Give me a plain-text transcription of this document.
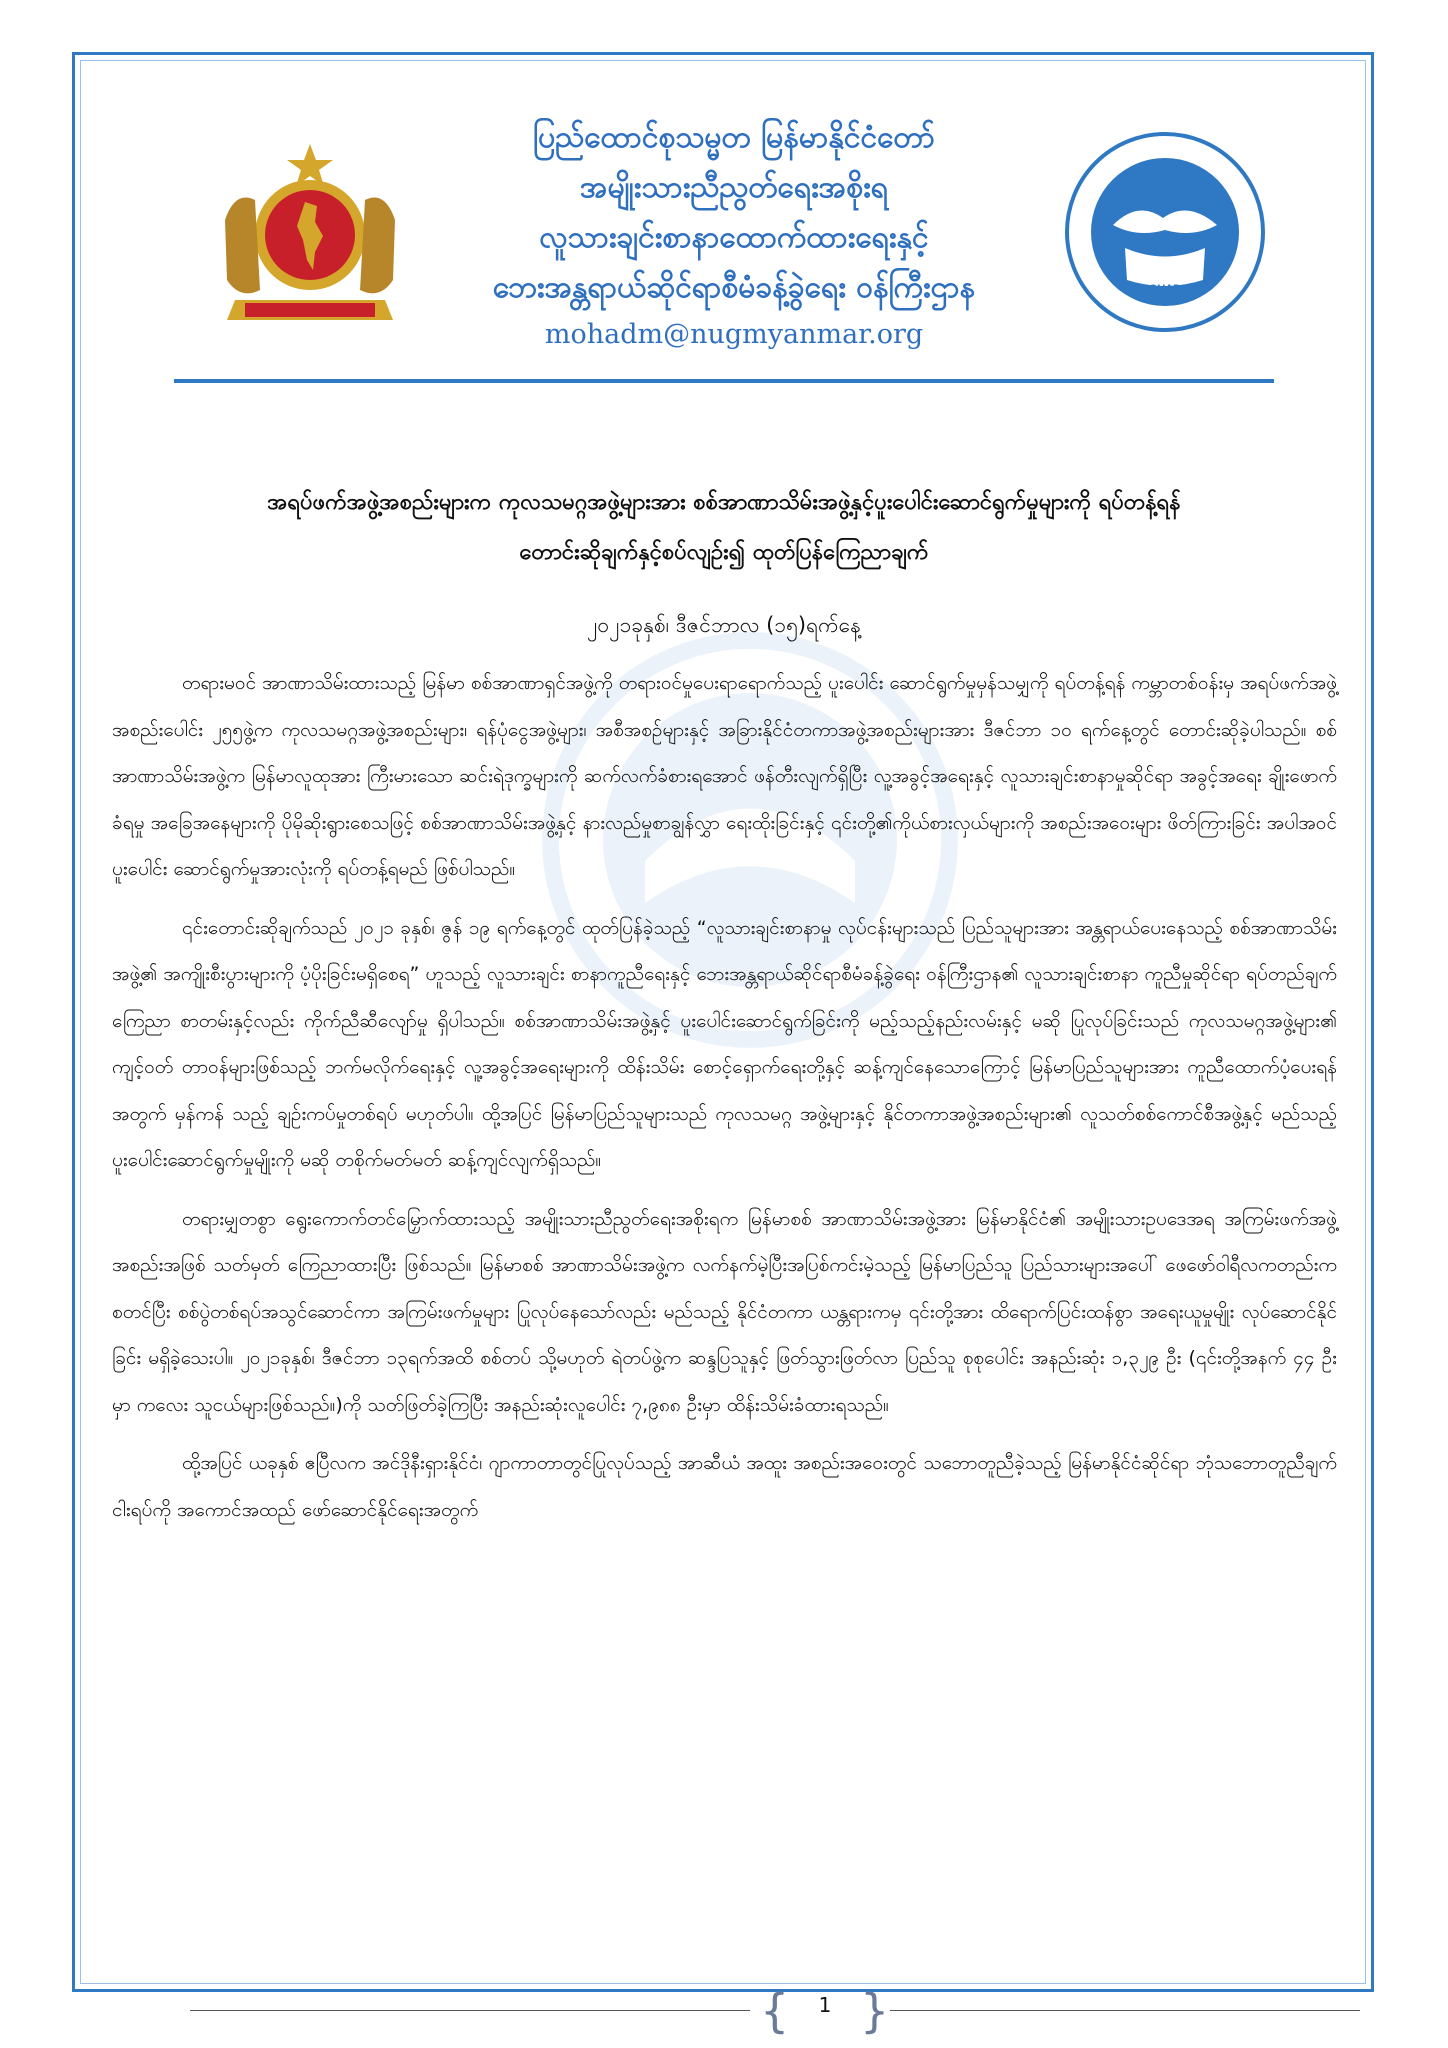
ပြည်ထောင်စုသမ္မတ မြန်မာနိုင်ငံတော်
အမျိုးသားညီညွတ်ရေးအစိုးရ
လူသားချင်းစာနာထောက်ထားရေးနှင့်
ဘေးအန္တရာယ်ဆိုင်ရာစီမံခန့်ခွဲရေး ဝန်ကြီးဌာန
mohadm@nugmyanmar.org
MOHADM
အရပ်ဖက်အဖွဲ့အစည်းများက ကုလသမဂ္ဂအဖွဲ့များအား စစ်အာဏာသိမ်းအဖွဲ့နှင့်ပူးပေါင်းဆောင်ရွက်မှုများကို ရပ်တန့်ရန်
တောင်းဆိုချက်နှင့်စပ်လျဉ်း၍ ထုတ်ပြန်ကြေညာချက်
၂၀၂၁ခုနှစ်၊ ဒီဇင်ဘာလ (၁၅)ရက်နေ့

တရားမဝင် အာဏာသိမ်းထားသည့် မြန်မာ စစ်အာဏာရှင်အဖွဲ့ကို တရားဝင်မှုပေးရာရောက်သည့် ပူးပေါင်း ဆောင်ရွက်မှုမှန်သမျှကို ရပ်တန့်ရန် ကမ္ဘာတစ်ဝန်းမှ အရပ်ဖက်အဖွဲ့အစည်းပေါင်း ၂၅၅ဖွဲ့က ကုလသမဂ္ဂအဖွဲ့အစည်းများ၊ ရန်ပုံငွေအဖွဲ့များ၊ အစီအစဉ်များနှင့် အခြားနိုင်ငံတကာအဖွဲ့အစည်းများအား ဒီဇင်ဘာ ၁၀ ရက်နေ့တွင် တောင်းဆိုခဲ့ပါသည်။ စစ်အာဏာသိမ်းအဖွဲ့က မြန်မာလူထုအား ကြီးမားသော ဆင်းရဲဒုက္ခများကို ဆက်လက်ခံစားရအောင် ဖန်တီးလျက်ရှိပြီး လူ့အခွင့်အရေးနှင့် လူသားချင်းစာနာမှုဆိုင်ရာ အခွင့်အရေး ချိုးဖောက်ခံရမှု အခြေအနေများကို ပိုမိုဆိုးရွားစေသဖြင့် စစ်အာဏာသိမ်းအဖွဲ့နှင့် နားလည်မှုစာချွန်လွှာ ရေးထိုးခြင်းနှင့် ၎င်းတို့၏ကိုယ်စားလှယ်များကို အစည်းအဝေးများ ဖိတ်ကြားခြင်း အပါအဝင် ပူးပေါင်း ဆောင်ရွက်မှုအားလုံးကို ရပ်တန့်ရမည် ဖြစ်ပါသည်။

၎င်းတောင်းဆိုချက်သည် ၂၀၂၁ ခုနှစ်၊ ဇွန် ၁၉ ရက်နေ့တွင် ထုတ်ပြန်ခဲ့သည့် “လူသားချင်းစာနာမှု လုပ်ငန်းများသည် ပြည်သူများအား အန္တရာယ်ပေးနေသည့် စစ်အာဏာသိမ်းအဖွဲ့၏ အကျိုးစီးပွားများကို ပံ့ပိုးခြင်းမရှိစေရ” ဟူသည့် လူသားချင်း စာနာကူညီရေးနှင့် ဘေးအန္တရာယ်ဆိုင်ရာစီမံခန့်ခွဲရေး ဝန်ကြီးဌာန၏ လူသားချင်းစာနာ ကူညီမှုဆိုင်ရာ ရပ်တည်ချက် ကြေညာ စာတမ်းနှင့်လည်း ကိုက်ညီဆီလျော်မှု ရှိပါသည်။ စစ်အာဏာသိမ်းအဖွဲ့နှင့် ပူးပေါင်းဆောင်ရွက်ခြင်းကို မည့်သည့်နည်းလမ်းနှင့် မဆို ပြုလုပ်ခြင်းသည် ကုလသမဂ္ဂအဖွဲ့များ၏ ကျင့်ဝတ် တာဝန်များဖြစ်သည့် ဘက်မလိုက်ရေးနှင့် လူ့အခွင့်အရေးများကို ထိန်းသိမ်း စောင့်ရှောက်ရေးတို့နှင့် ဆန့်ကျင်နေသောကြောင့် မြန်မာပြည်သူများအား ကူညီထောက်ပံ့ပေးရန်အတွက် မှန်ကန် သည့် ချဉ်းကပ်မှုတစ်ရပ် မဟုတ်ပါ။ ထို့အပြင် မြန်မာပြည်သူများသည် ကုလသမဂ္ဂ အဖွဲ့များနှင့် နိုင်တကာအဖွဲ့အစည်းများ၏ လူသတ်စစ်ကောင်စီအဖွဲ့နှင့် မည်သည့်ပူးပေါင်းဆောင်ရွက်မှုမျိုးကို မဆို တစိုက်မတ်မတ် ဆန့်ကျင်လျက်ရှိသည်။

တရားမျှတစွာ ရွေးကောက်တင်မြှောက်ထားသည့် အမျိုးသားညီညွတ်ရေးအစိုးရက မြန်မာစစ် အာဏာသိမ်းအဖွဲ့အား မြန်မာနိုင်ငံ၏ အမျိုးသားဥပဒေအရ အကြမ်းဖက်အဖွဲ့အစည်းအဖြစ် သတ်မှတ် ကြေညာထားပြီး ဖြစ်သည်။ မြန်မာစစ် အာဏာသိမ်းအဖွဲ့က လက်နက်မဲ့ပြီးအပြစ်ကင်းမဲ့သည့် မြန်မာပြည်သူ ပြည်သားများအပေါ် ဖေဖော်ဝါရီလကတည်းက စတင်ပြီး စစ်ပွဲတစ်ရပ်အသွင်ဆောင်ကာ အကြမ်းဖက်မှုများ ပြုလုပ်နေသော်လည်း မည်သည့် နိုင်ငံတကာ ယန္တရားကမှ ၎င်းတို့အား ထိရောက်ပြင်းထန်စွာ အရေးယူမှုမျိုး လုပ်ဆောင်နိုင်ခြင်း မရှိခဲ့သေးပါ။ ၂၀၂၁ခုနှစ်၊ ဒီဇင်ဘာ ၁၃ရက်အထိ စစ်တပ် သို့မဟုတ် ရဲတပ်ဖွဲ့က ဆန္ဒပြသူနှင့် ဖြတ်သွားဖြတ်လာ ပြည်သူ စုစုပေါင်း အနည်းဆုံး ၁,၃၂၉ ဦး (၎င်းတို့အနက် ၄၄ ဦး မှာ ကလေး သူငယ်များဖြစ်သည်။)ကို သတ်ဖြတ်ခဲ့ကြပြီး အနည်းဆုံးလူပေါင်း ၇,၉၈၈ ဦးမှာ ထိန်းသိမ်းခံထားရသည်။

ထို့အပြင် ယခုနှစ် ဧပြီလက အင်ဒိုနီးရှားနိုင်ငံ၊ ဂျာကာတာတွင်ပြုလုပ်သည့် အာဆီယံ အထူး အစည်းအဝေးတွင် သဘောတူညီခဲ့သည့် မြန်မာနိုင်ငံဆိုင်ရာ ဘုံသဘောတူညီချက်ငါးရပ်ကို အကောင်အထည် ဖော်ဆောင်နိုင်ရေးအတွက်

{	1 }
